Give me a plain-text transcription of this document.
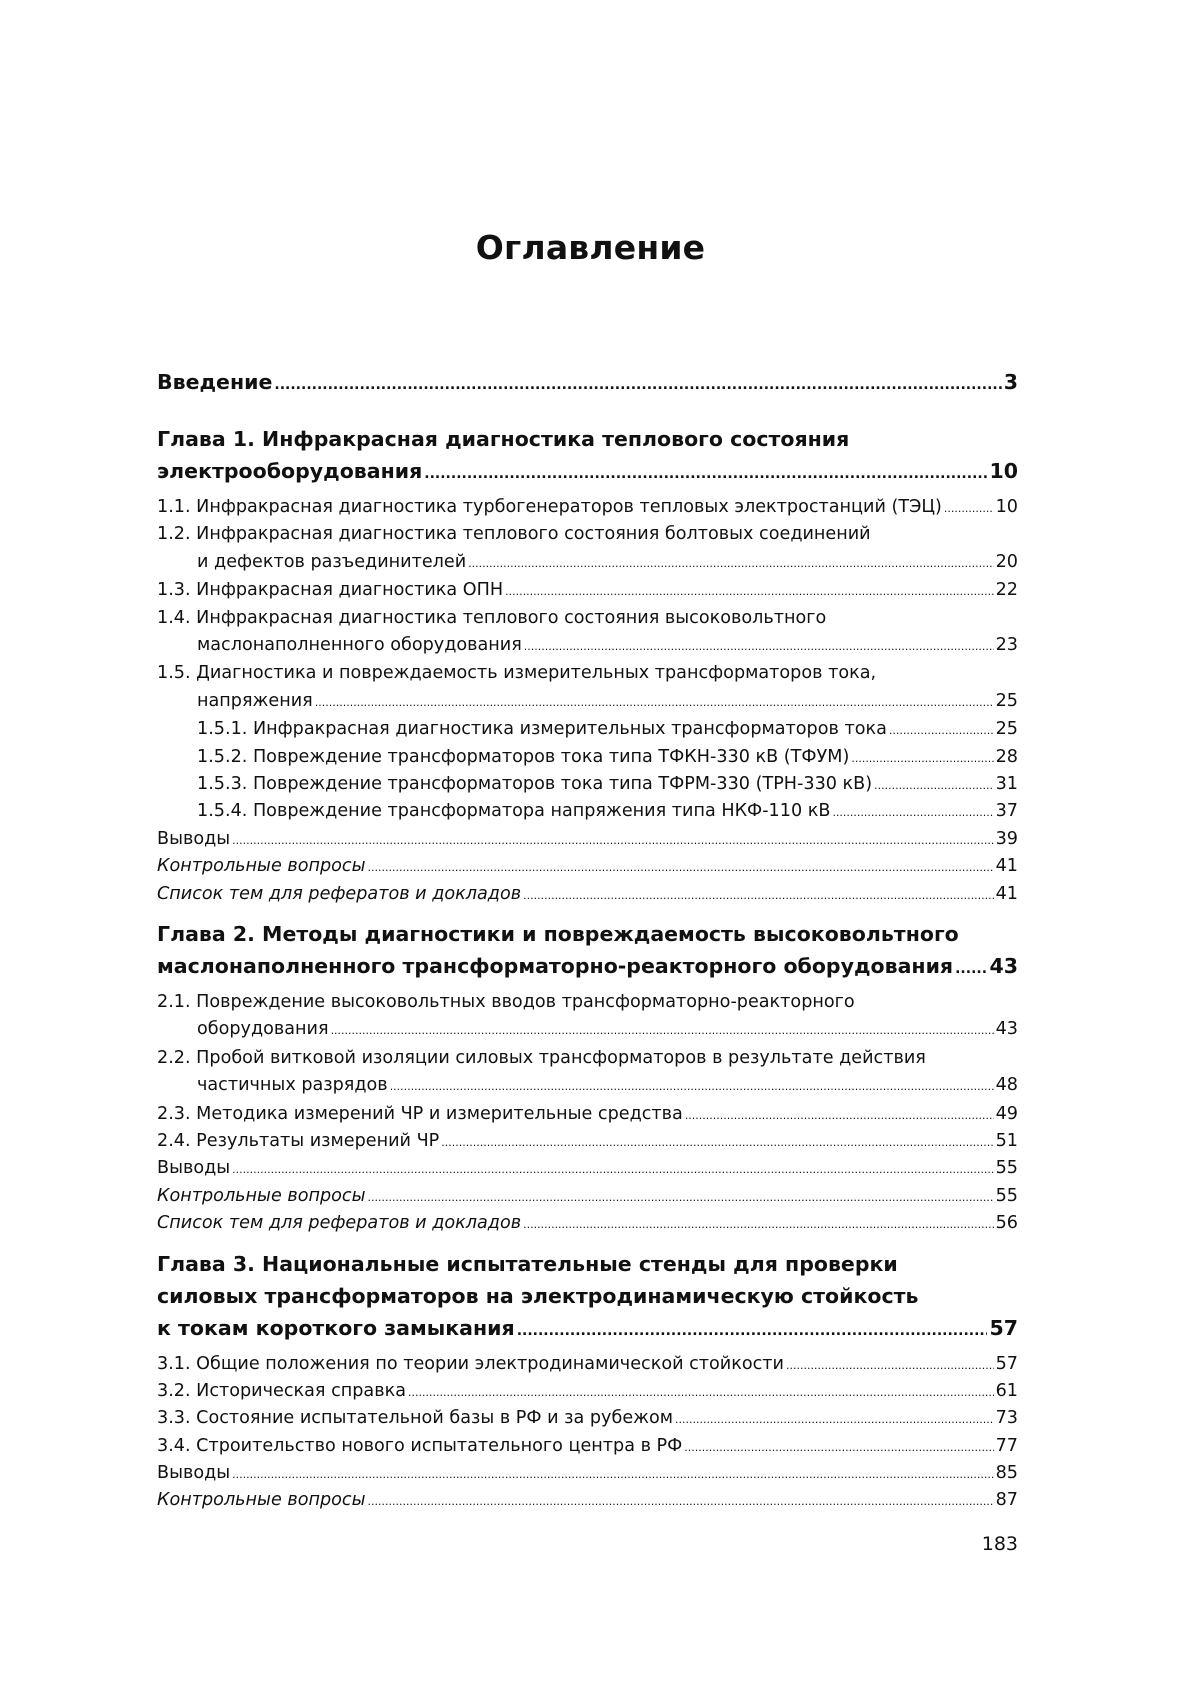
Оглавление
Введение .....	3
Глава 1. Инфракрасная диагностика теплового состояния
электрооборудования .....	10
1.1. Инфракрасная диагностика турбогенераторов тепловых электростанций (ТЭЦ) .....	10
1.2. Инфракрасная диагностика теплового состояния болтовых соединений
и дефектов разъединителей .....	20
1.3. Инфракрасная диагностика ОПН .....	22
1.4. Инфракрасная диагностика теплового состояния высоковольтного
маслонаполненного оборудования .....	23
1.5. Диагностика и повреждаемость измерительных трансформаторов тока,
напряжения .....	25
1.5.1. Инфракрасная диагностика измерительных трансформаторов тока .....	25
1.5.2. Повреждение трансформаторов тока типа ТФКН-330 кВ (ТФУМ) .....	28
1.5.3. Повреждение трансформаторов тока типа ТФРМ-330 (ТРН-330 кВ) .....	31
1.5.4. Повреждение трансформатора напряжения типа НКФ-110 кВ .....	37
Выводы .....	39
Контрольные вопросы .....	41
Список тем для рефератов и докладов .....	41
Глава 2. Методы диагностики и повреждаемость высоковольтного
маслонаполненного трансформаторно-реакторного оборудования ..... 43
2.1. Повреждение высоковольтных вводов трансформаторно-реакторного
оборудования .....	43
2.2. Пробой витковой изоляции силовых трансформаторов в результате действия
частичных разрядов .....	48
2.3. Методика измерений ЧР и измерительные средства .....	49
2.4. Результаты измерений ЧР .....	51
Выводы .....	55
Контрольные вопросы .....	55
Список тем для рефератов и докладов .....	56
Глава 3. Национальные испытательные стенды для проверки
силовых трансформаторов на электродинамическую стойкость
к токам короткого замыкания .....	57
3.1. Общие положения по теории электродинамической стойкости .....	57
3.2. Историческая справка .....	61
3.3. Состояние испытательной базы в РФ и за рубежом .....	73
3.4. Строительство нового испытательного центра в РФ .....	77
Выводы .....	85
Контрольные вопросы .....	87
183
